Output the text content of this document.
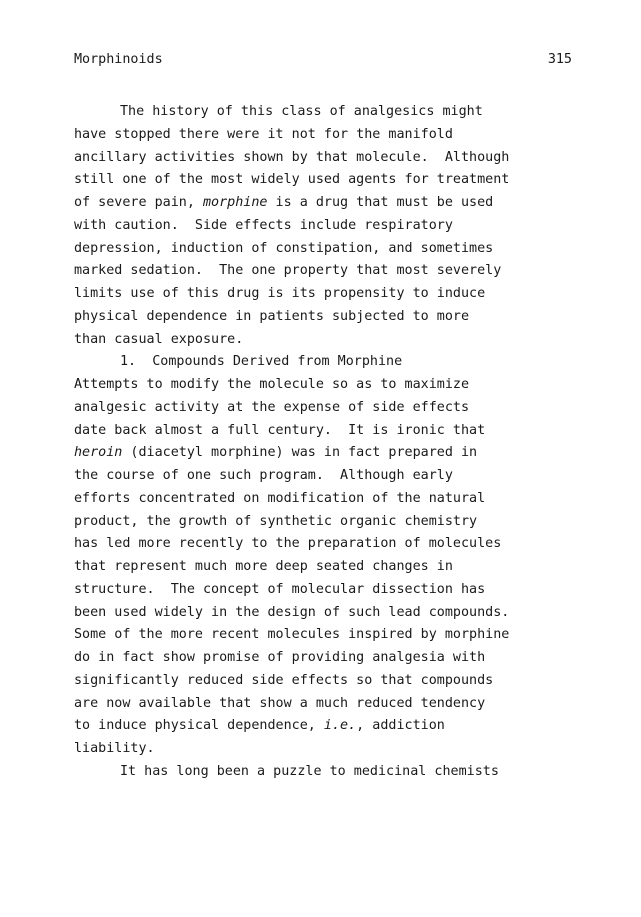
Morphinoids	315
The history of this class of analgesics might
have stopped there were it not for the manifold
ancillary activities shown by that molecule.  Although
still one of the most widely used agents for treatment
of severe pain, morphine is a drug that must be used
with caution.  Side effects include respiratory
depression, induction of constipation, and sometimes
marked sedation.  The one property that most severely
limits use of this drug is its propensity to induce
physical dependence in patients subjected to more
than casual exposure.
1.  Compounds Derived from Morphine
Attempts to modify the molecule so as to maximize
analgesic activity at the expense of side effects
date back almost a full century.  It is ironic that
heroin (diacetyl morphine) was in fact prepared in
the course of one such program.  Although early
efforts concentrated on modification of the natural
product, the growth of synthetic organic chemistry
has led more recently to the preparation of molecules
that represent much more deep seated changes in
structure.  The concept of molecular dissection has
been used widely in the design of such lead compounds.
Some of the more recent molecules inspired by morphine
do in fact show promise of providing analgesia with
significantly reduced side effects so that compounds
are now available that show a much reduced tendency
to induce physical dependence, i.e., addiction
liability.
It has long been a puzzle to medicinal chemists
